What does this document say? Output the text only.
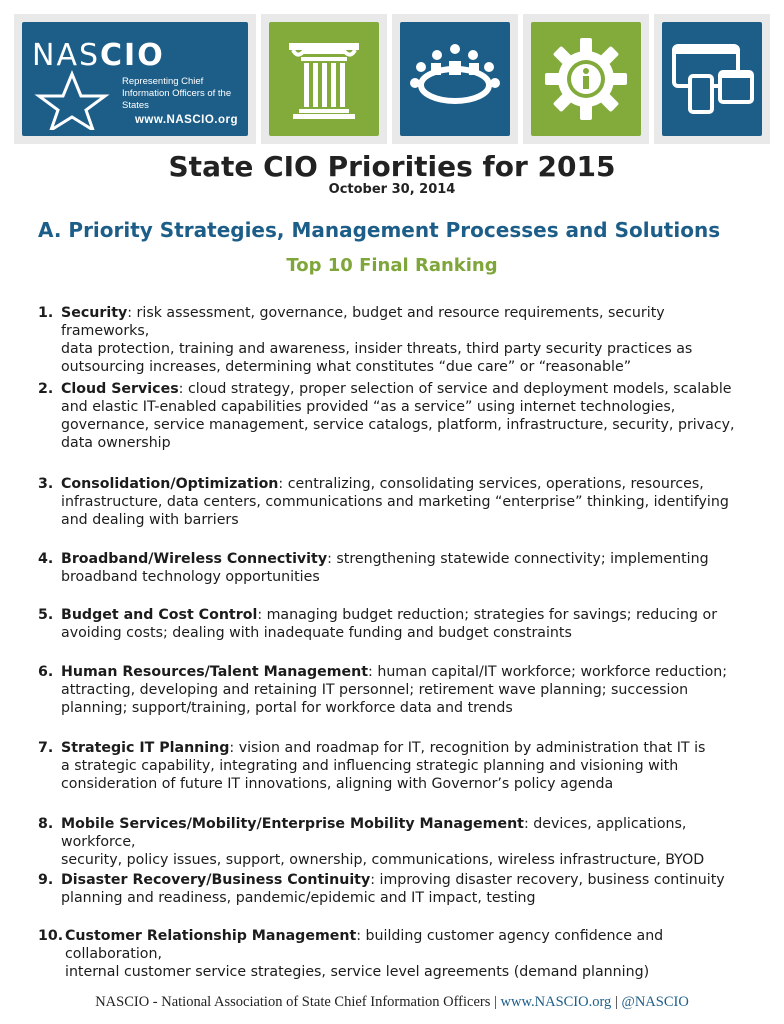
NASCIO
Representing Chief Information Officers of the States
www.NASCIO.org
State CIO Priorities for 2015
October 30, 2014
A. Priority Strategies, Management Processes and Solutions
Top 10 Final Ranking
1. Security: risk assessment, governance, budget and resource requirements, security frameworks,
data protection, training and awareness, insider threats, third party security practices as
outsourcing increases, determining what constitutes “due care” or “reasonable”
2. Cloud Services: cloud strategy, proper selection of service and deployment models, scalable
and elastic IT-enabled capabilities provided “as a service” using internet technologies,
governance, service management, service catalogs, platform, infrastructure, security, privacy,
data ownership
3. Consolidation/Optimization: centralizing, consolidating services, operations, resources,
infrastructure, data centers, communications and marketing “enterprise” thinking, identifying
and dealing with barriers
4. Broadband/Wireless Connectivity: strengthening statewide connectivity; implementing
broadband technology opportunities
5. Budget and Cost Control: managing budget reduction; strategies for savings; reducing or
avoiding costs; dealing with inadequate funding and budget constraints
6. Human Resources/Talent Management: human capital/IT workforce; workforce reduction;
attracting, developing and retaining IT personnel; retirement wave planning; succession
planning; support/training, portal for workforce data and trends
7. Strategic IT Planning: vision and roadmap for IT, recognition by administration that IT is
a strategic capability, integrating and influencing strategic planning and visioning with
consideration of future IT innovations, aligning with Governor’s policy agenda
8. Mobile Services/Mobility/Enterprise Mobility Management: devices, applications, workforce,
security, policy issues, support, ownership, communications, wireless infrastructure, BYOD
9. Disaster Recovery/Business Continuity: improving disaster recovery, business continuity
planning and readiness, pandemic/epidemic and IT impact, testing
10. Customer Relationship Management: building customer agency confidence and collaboration,
internal customer service strategies, service level agreements (demand planning)
NASCIO - National Association of State Chief Information Officers | www.NASCIO.org | @NASCIO
